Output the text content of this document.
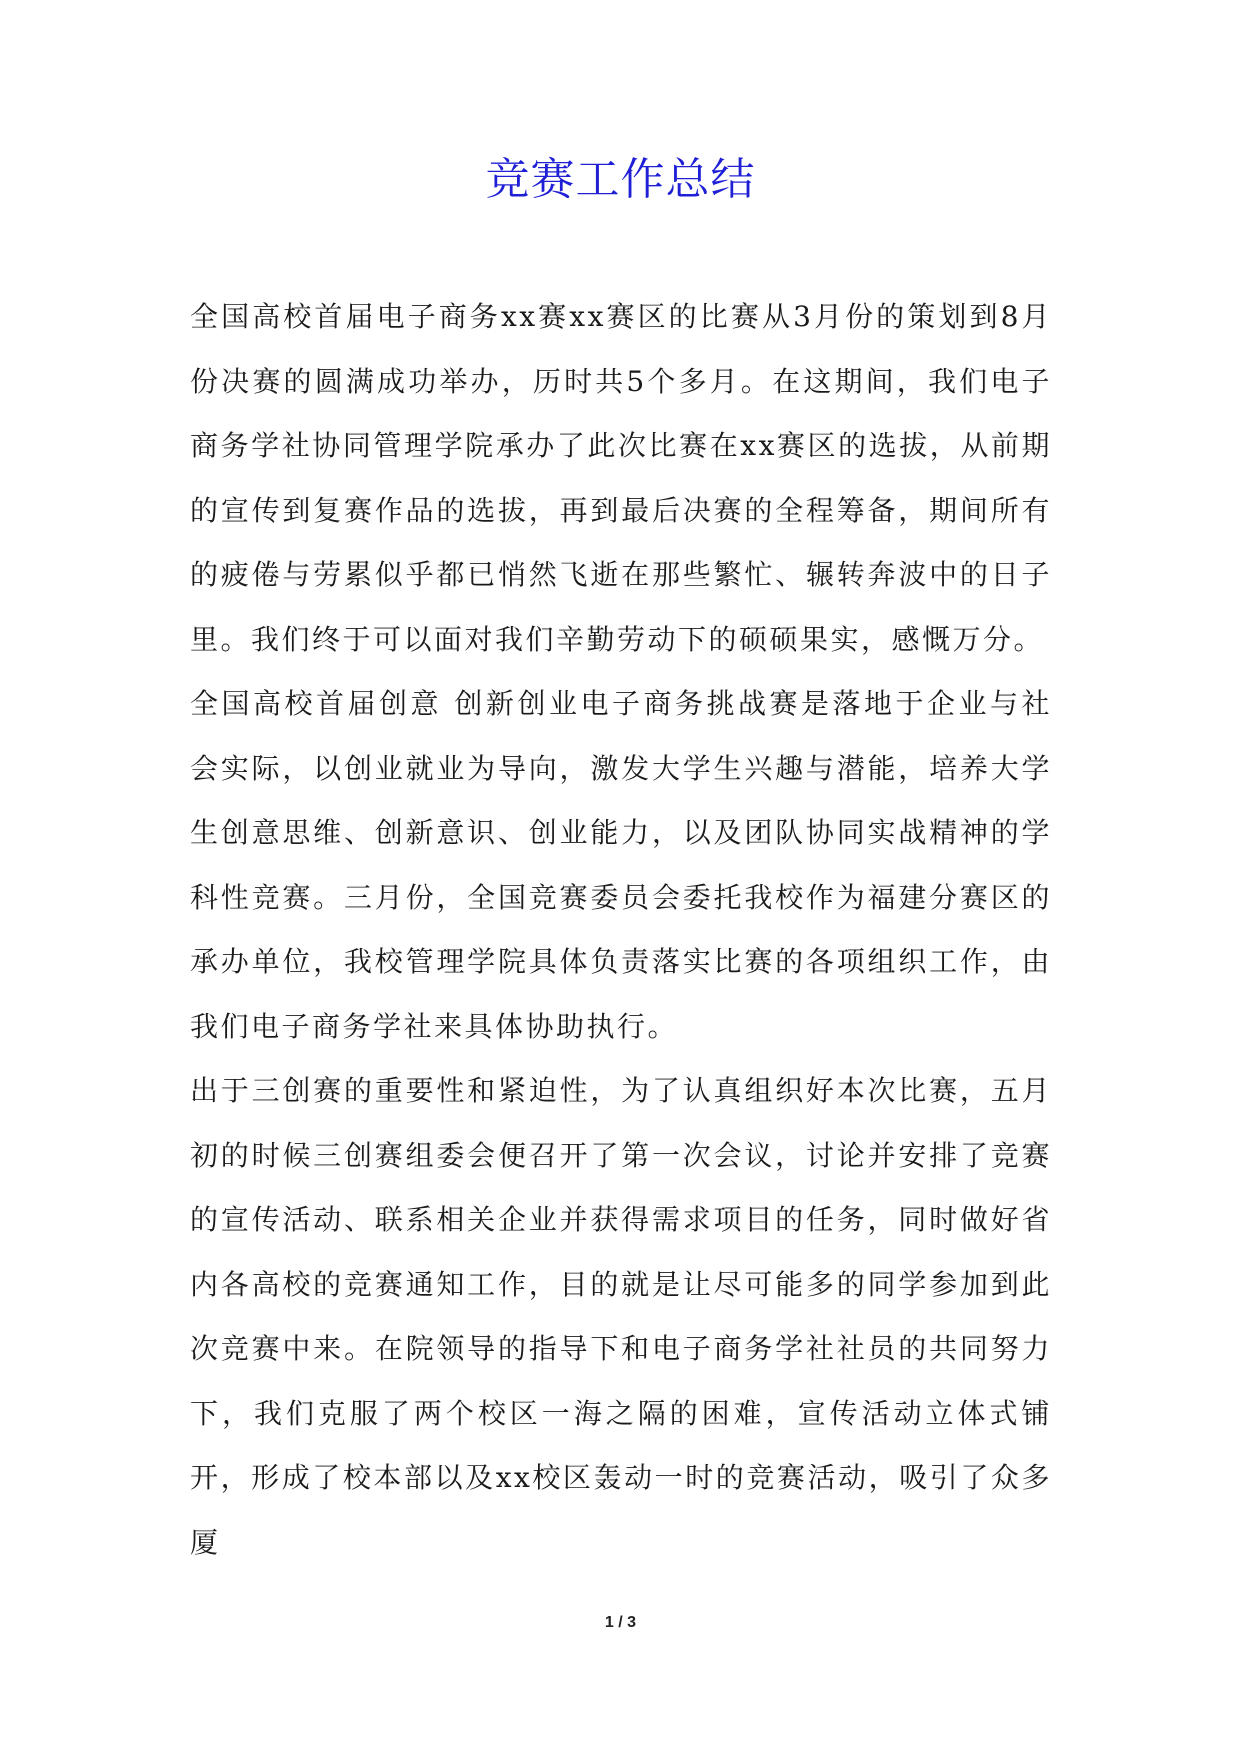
竞赛工作总结

全国高校首届电子商务xx赛xx赛区的比赛从3月份的策划到8月份决赛的圆满成功举办，历时共5个多月。在这期间，我们电子商务学社协同管理学院承办了此次比赛在xx赛区的选拔，从前期的宣传到复赛作品的选拔，再到最后决赛的全程筹备，期间所有的疲倦与劳累似乎都已悄然飞逝在那些繁忙、辗转奔波中的日子里。我们终于可以面对我们辛勤劳动下的硕硕果实，感慨万分。

全国高校首届创意 创新创业电子商务挑战赛是落地于企业与社会实际，以创业就业为导向，激发大学生兴趣与潜能，培养大学生创意思维、创新意识、创业能力，以及团队协同实战精神的学科性竞赛。三月份，全国竞赛委员会委托我校作为福建分赛区的承办单位，我校管理学院具体负责落实比赛的各项组织工作，由我们电子商务学社来具体协助执行。

出于三创赛的重要性和紧迫性，为了认真组织好本次比赛，五月初的时候三创赛组委会便召开了第一次会议，讨论并安排了竞赛的宣传活动、联系相关企业并获得需求项目的任务，同时做好省内各高校的竞赛通知工作，目的就是让尽可能多的同学参加到此次竞赛中来。在院领导的指导下和电子商务学社社员的共同努力下，我们克服了两个校区一海之隔的困难，宣传活动立体式铺开，形成了校本部以及xx校区轰动一时的竞赛活动，吸引了众多厦

1 / 3
